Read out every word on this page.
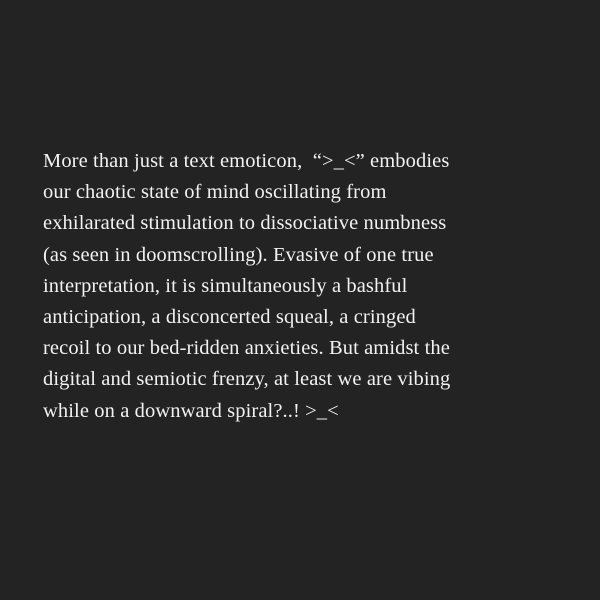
More than just a text emoticon,  “>_<” embodies
our chaotic state of mind oscillating from
exhilarated stimulation to dissociative numbness
(as seen in doomscrolling). Evasive of one true
interpretation, it is simultaneously a bashful
anticipation, a disconcerted squeal, a cringed
recoil to our bed-ridden anxieties. But amidst the
digital and semiotic frenzy, at least we are vibing
while on a downward spiral?..! >_<
